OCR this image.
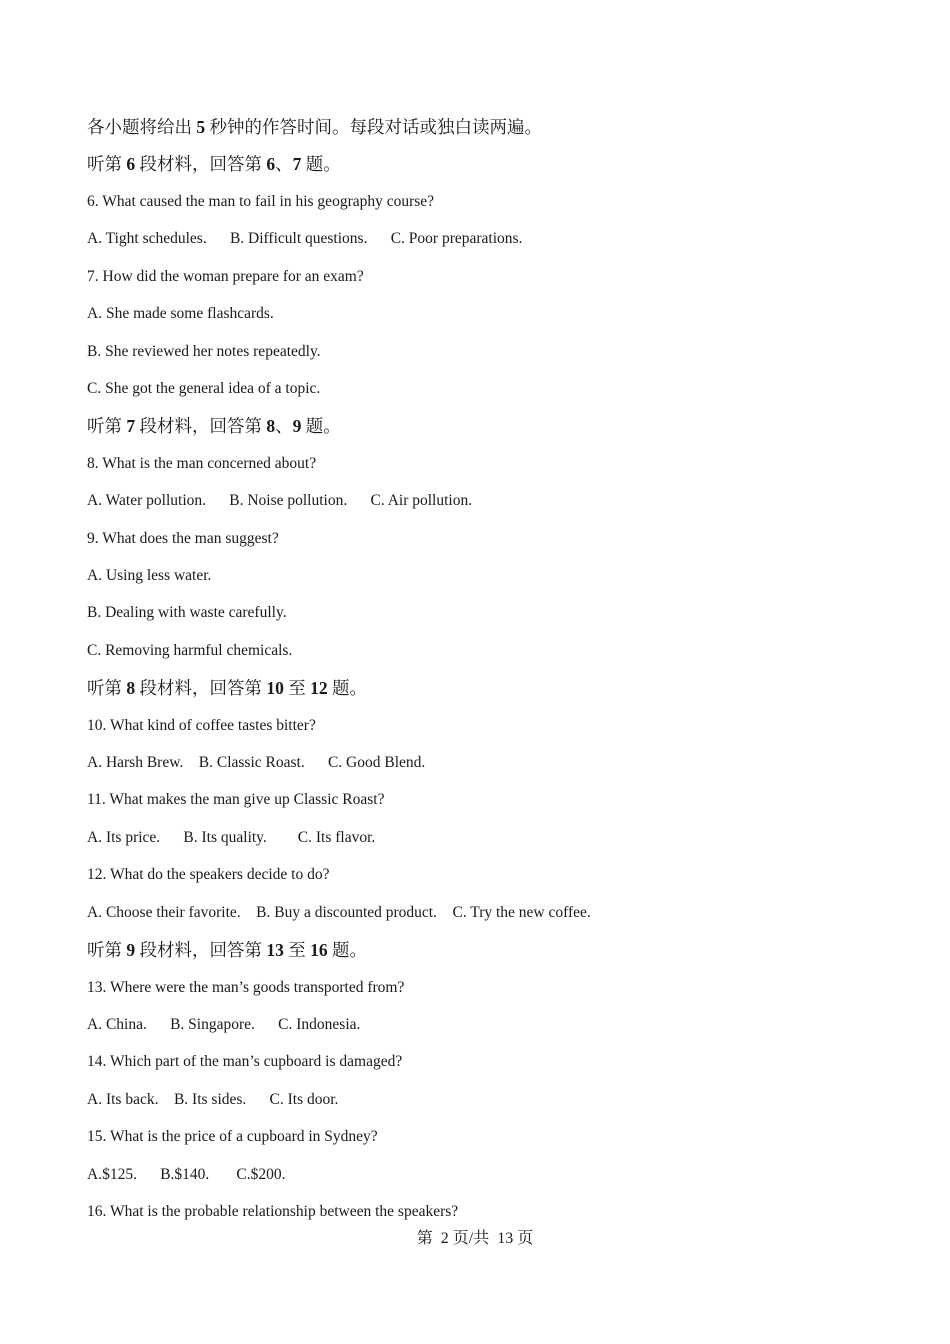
各小题将给出 5 秒钟的作答时间。每段对话或独白读两遍。
听第 6 段材料，回答第 6、7 题。
6. What caused the man to fail in his geography course?
A. Tight schedules.      B. Difficult questions.      C. Poor preparations.
7. How did the woman prepare for an exam?
A. She made some flashcards.
B. She reviewed her notes repeatedly.
C. She got the general idea of a topic.
听第 7 段材料，回答第 8、9 题。
8. What is the man concerned about?
A. Water pollution.      B. Noise pollution.      C. Air pollution.
9. What does the man suggest?
A. Using less water.
B. Dealing with waste carefully.
C. Removing harmful chemicals.
听第 8 段材料，回答第 10 至 12 题。
10. What kind of coffee tastes bitter?
A. Harsh Brew.    B. Classic Roast.      C. Good Blend.
11. What makes the man give up Classic Roast?
A. Its price.      B. Its quality.        C. Its flavor.
12. What do the speakers decide to do?
A. Choose their favorite.    B. Buy a discounted product.    C. Try the new coffee.
听第 9 段材料，回答第 13 至 16 题。
13. Where were the man’s goods transported from?
A. China.      B. Singapore.      C. Indonesia.
14. Which part of the man’s cupboard is damaged?
A. Its back.    B. Its sides.      C. Its door.
15. What is the price of a cupboard in Sydney?
A.$125.      B.$140.       C.$200.
16. What is the probable relationship between the speakers?
第  2 页/共  13 页
